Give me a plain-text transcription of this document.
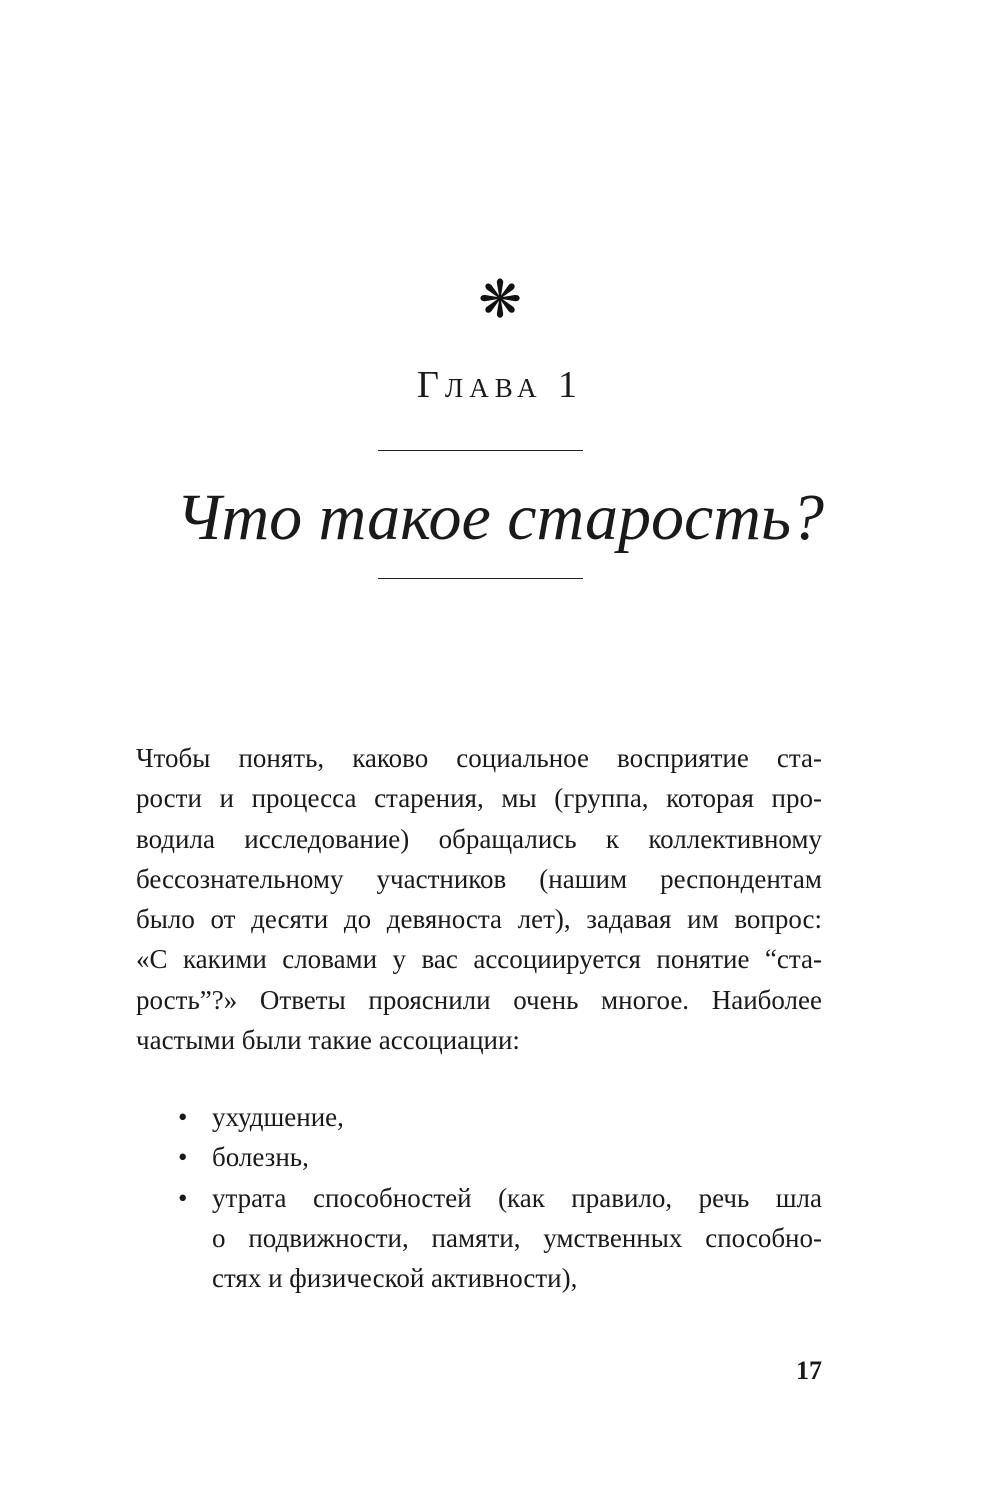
❋
Глава 1
Что такое старость?

Чтобы понять, каково социальное восприятие ста-
рости и процесса старения, мы (группа, которая про-
водила исследование) обращались к коллективному
бессознательному участников (нашим респондентам
было от десяти до девяноста лет), задавая им вопрос:
«С какими словами у вас ассоциируется понятие “ста-
рость”?» Ответы прояснили очень многое. Наиболее
частыми были такие ассоциации:

• ухудшение,
• болезнь,
• утрата способностей (как правило, речь шла
о подвижности, памяти, умственных способно-
стях и физической активности),
17
